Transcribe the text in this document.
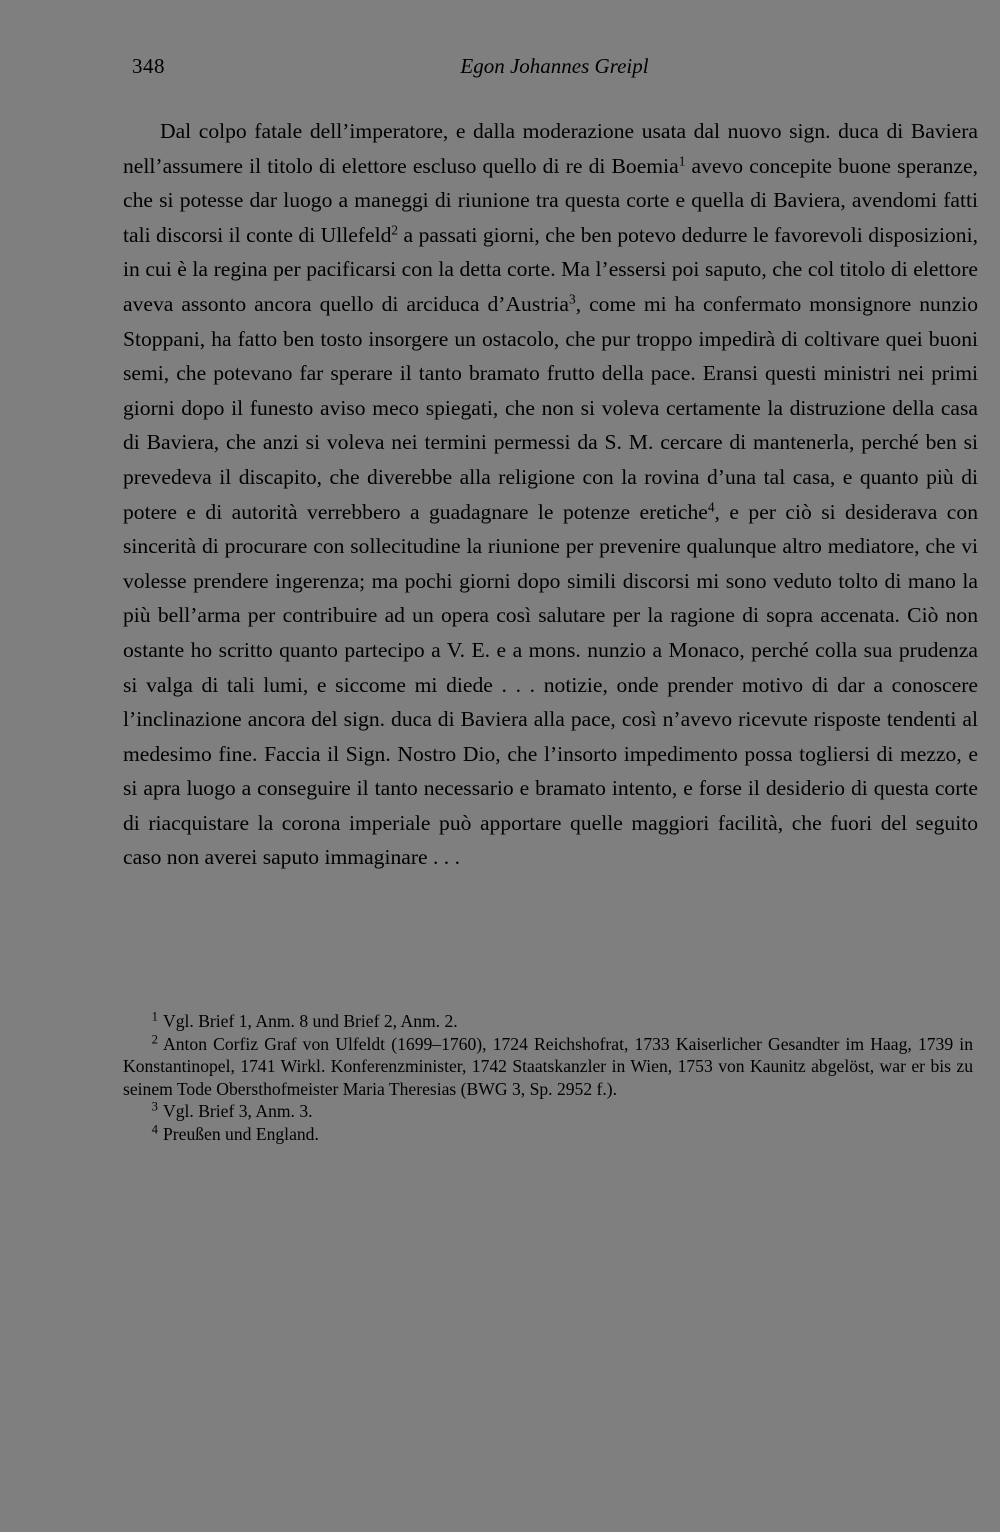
348	Egon Johannes Greipl

Dal colpo fatale dell’imperatore, e dalla moderazione usata dal nuovo sign. duca di Baviera nell’assumere il titolo di elettore escluso quello di re di Boemia$^1$ avevo concepite buone speranze, che si potesse dar luogo a maneggi di riunione tra questa corte e quella di Baviera, avendomi fatti tali discorsi il conte di Ullefeld$^2$ a passati giorni, che ben potevo dedurre le favorevoli disposizioni, in cui è la regina per pacificarsi con la detta corte. Ma l’essersi poi saputo, che col titolo di elettore aveva assonto ancora quello di arciduca d’Austria$^3$, come mi ha confermato monsignore nunzio Stoppani, ha fatto ben tosto insorgere un ostacolo, che pur troppo impedirà di coltivare quei buoni semi, che potevano far sperare il tanto bramato frutto della pace. Eransi questi ministri nei primi giorni dopo il funesto aviso meco spiegati, che non si voleva certamente la distruzione della casa di Baviera, che anzi si voleva nei termini permessi da S. M. cercare di mantenerla, perché ben si prevedeva il discapito, che diverebbe alla religione con la rovina d’una tal casa, e quanto più di potere e di autorità verrebbero a guadagnare le potenze eretiche$^4$, e per ciò si desiderava con sincerità di procurare con sollecitudine la riunione per prevenire qualunque altro mediatore, che vi volesse prendere ingerenza; ma pochi giorni dopo simili discorsi mi sono veduto tolto di mano la più bell’arma per contribuire ad un opera così salutare per la ragione di sopra accenata. Ciò non ostante ho scritto quanto partecipo a V. E. e a mons. nunzio a Monaco, perché colla sua prudenza si valga di tali lumi, e siccome mi diede . . . notizie, onde prender motivo di dar a conoscere l’inclinazione ancora del sign. duca di Baviera alla pace, così n’avevo ricevute risposte tendenti al medesimo fine. Faccia il Sign. Nostro Dio, che l’insorto impedimento possa togliersi di mezzo, e si apra luogo a conseguire il tanto necessario e bramato intento, e forse il desiderio di questa corte di riacquistare la corona imperiale può apportare quelle maggiori facilità, che fuori del seguito caso non averei saputo immaginare . . .

$^1$ Vgl. Brief 1, Anm. 8 und Brief 2, Anm. 2.

$^2$ Anton Corfiz Graf von Ulfeldt (1699–1760), 1724 Reichshofrat, 1733 Kaiserlicher Gesandter im Haag, 1739 in Konstantinopel, 1741 Wirkl. Konferenzminister, 1742 Staatskanzler in Wien, 1753 von Kaunitz abgelöst, war er bis zu seinem Tode Obersthofmeister Maria Theresias (BWG 3, Sp. 2952 f.).

$^3$ Vgl. Brief 3, Anm. 3.

$^4$ Preußen und England.
